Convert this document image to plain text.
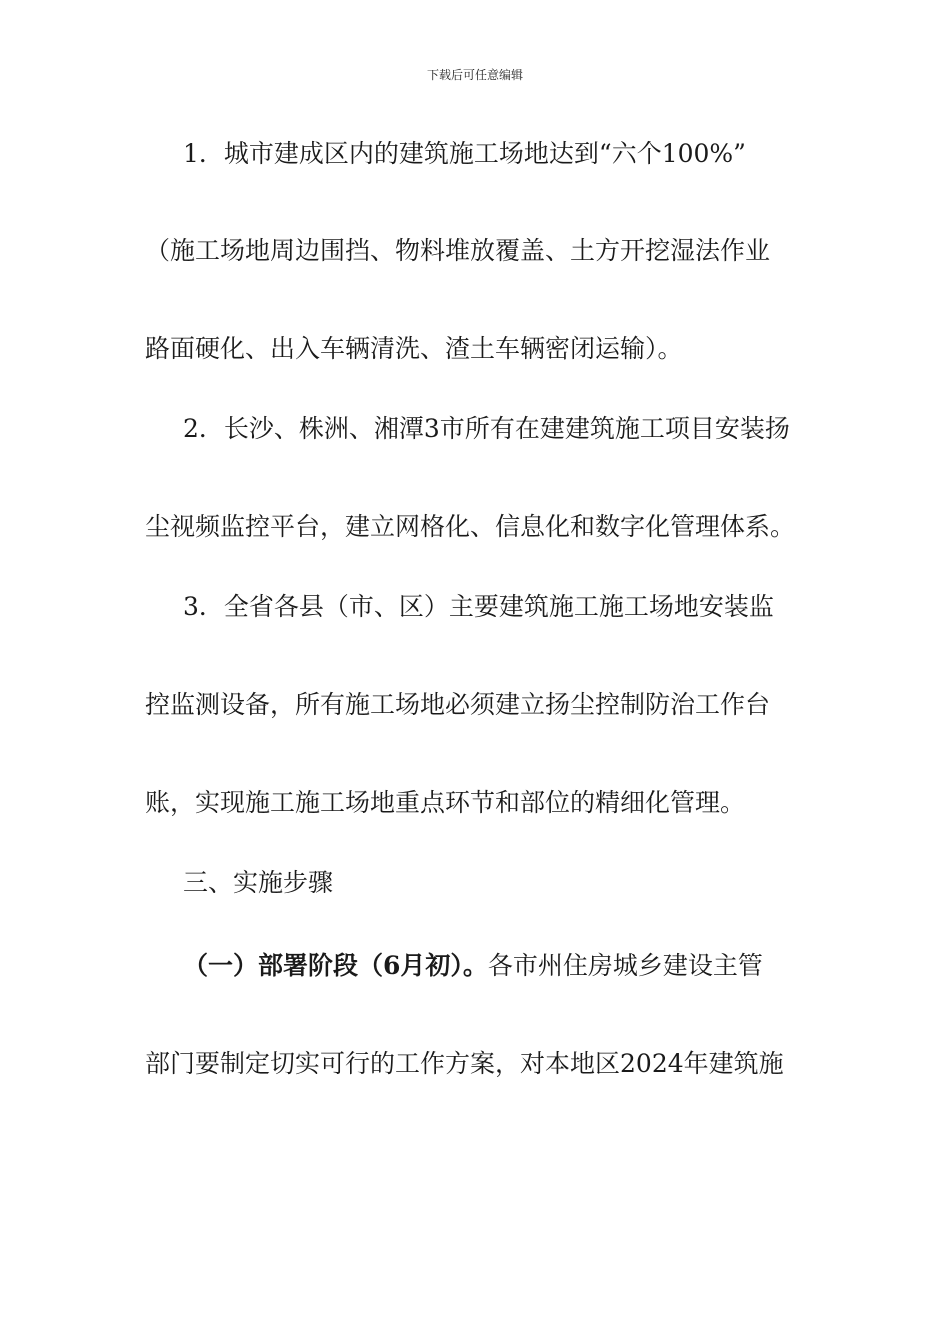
下载后可任意编辑
1．城市建成区内的建筑施工场地达到“六个100%”
（施工场地周边围挡、物料堆放覆盖、土方开挖湿法作业
路面硬化、出入车辆清洗、渣土车辆密闭运输）。
2．长沙、株洲、湘潭3市所有在建建筑施工项目安装扬
尘视频监控平台，建立网格化、信息化和数字化管理体系。
3．全省各县（市、区）主要建筑施工施工场地安装监
控监测设备，所有施工场地必须建立扬尘控制防治工作台
账，实现施工施工场地重点环节和部位的精细化管理。
三、实施步骤
（一）部署阶段（6月初）。各市州住房城乡建设主管
部门要制定切实可行的工作方案，对本地区2024年建筑施
